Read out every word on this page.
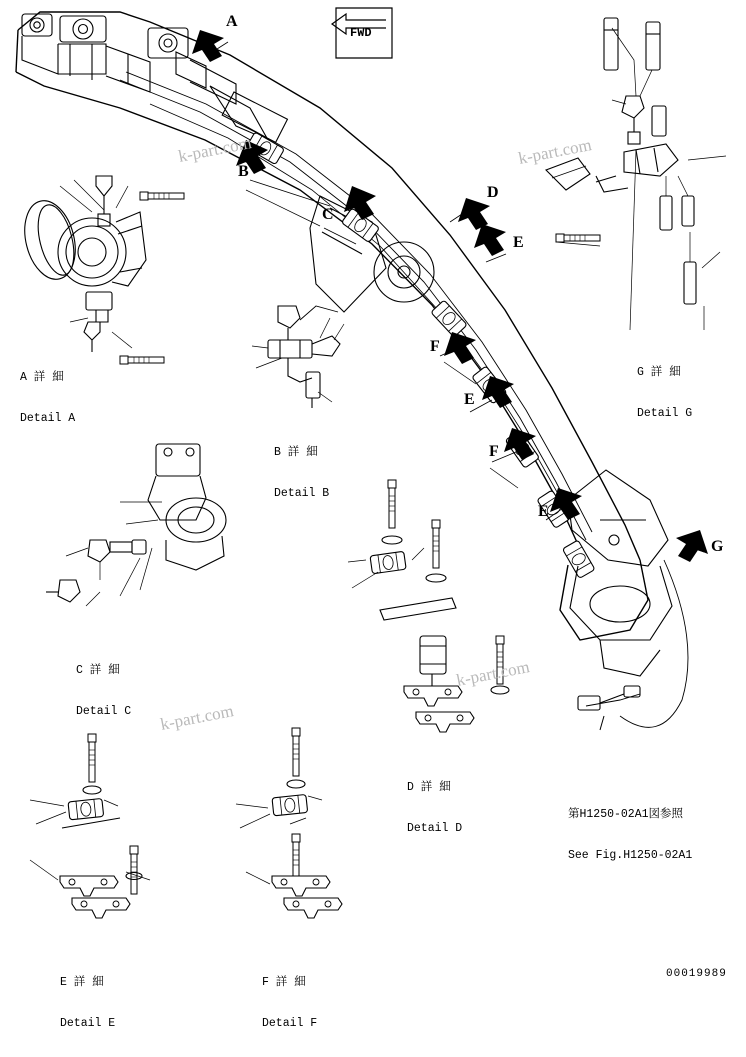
FWD
A
B
C
D
E
F
E
F
E
G

A 詳 細

Detail A

B 詳 細

Detail B

G 詳 細

Detail G

C 詳 細

Detail C

D 詳 細

Detail D

E 詳 細

Detail E

F 詳 細

Detail F

第H1250-02A1図参照

See Fig.H1250-02A1

00019989
k-part.com	k-part.com
k-part.com
k-part.com
